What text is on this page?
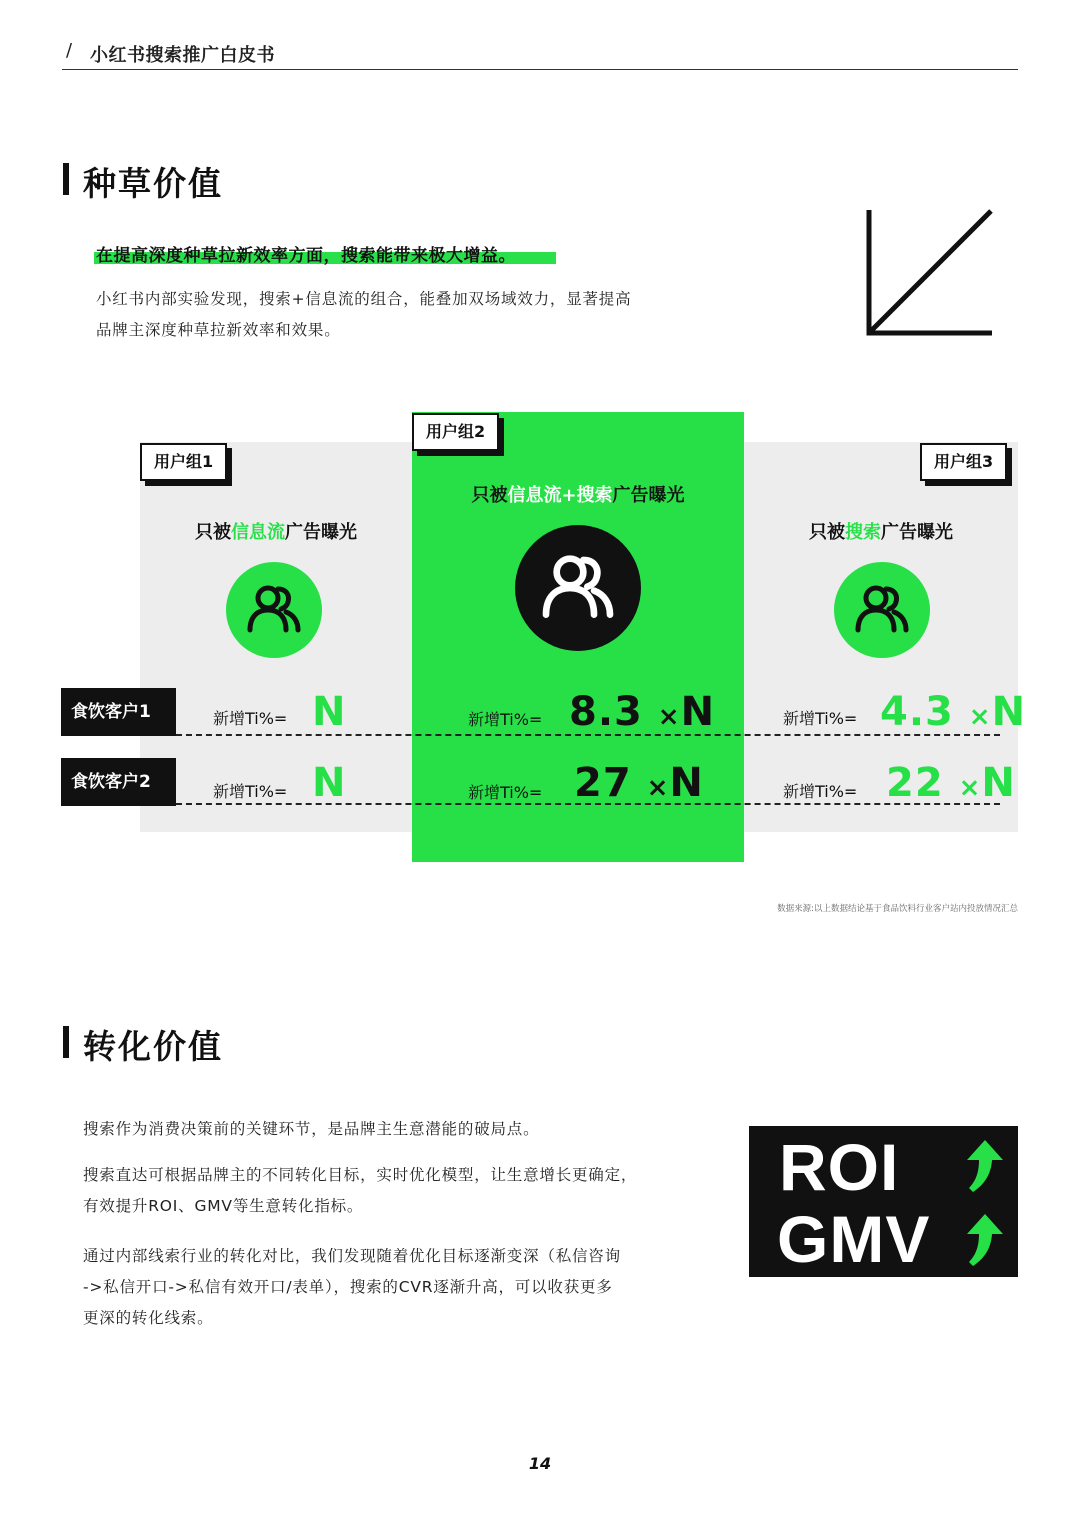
/ 小红书搜索推广白皮书
种草价值
在提高深度种草拉新效率方面，搜索能带来极大增益。
小红书内部实验发现，搜索+信息流的组合，能叠加双场域效力，显著提高
品牌主深度种草拉新效率和效果。
用户组1
用户组2
用户组3
只被信息流广告曝光
只被信息流+搜索广告曝光
只被搜索广告曝光
食饮客户1	新增Ti%= N	新增Ti%= 8.3 ×N	新增Ti%= 4.3 ×N
食饮客户2	新增Ti%= N	新增Ti%= 27 ×N	新增Ti%= 22 ×N
数据来源:以上数据结论基于食品饮料行业客户站内投放情况汇总
转化价值
搜索作为消费决策前的关键环节，是品牌主生意潜能的破局点。
搜索直达可根据品牌主的不同转化目标，实时优化模型，让生意增长更确定，
有效提升ROI、GMV等生意转化指标。
通过内部线索行业的转化对比，我们发现随着优化目标逐渐变深（私信咨询
->私信开口->私信有效开口/表单），搜索的CVR逐渐升高，可以收获更多
更深的转化线索。
ROI
GMV
14
